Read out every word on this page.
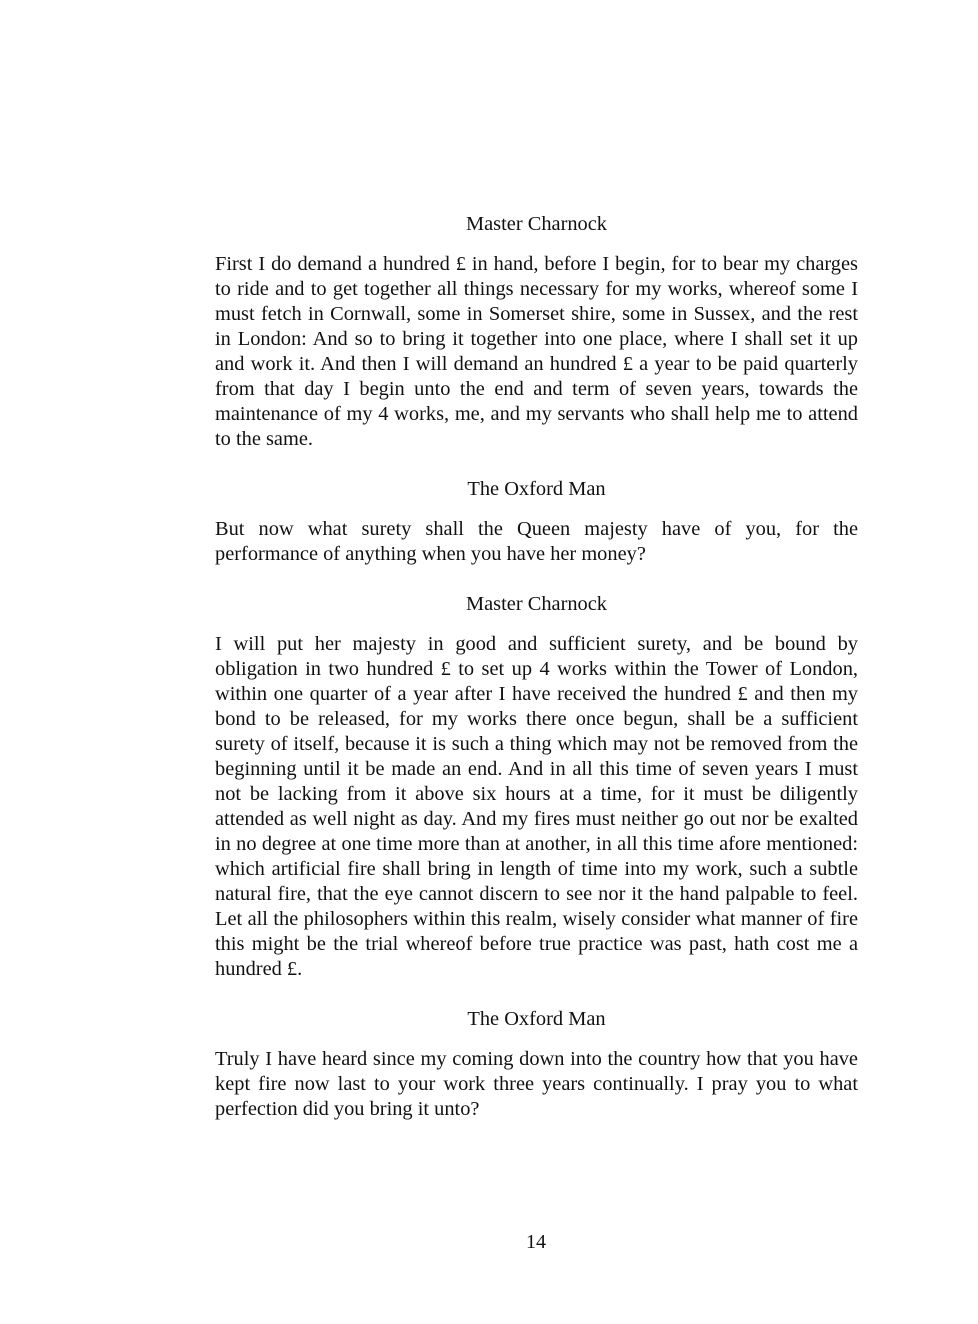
Master Charnock

First I do demand a hundred £ in hand, before I begin, for to bear my charges to ride and to get together all things necessary for my works, whereof some I must fetch in Cornwall, some in Somerset shire, some in Sussex, and the rest in London: And so to bring it together into one place, where I shall set it up and work it. And then I will demand an hundred £ a year to be paid quarterly from that day I begin unto the end and term of seven years, towards the maintenance of my 4 works, me, and my servants who shall help me to attend to the same.

The Oxford Man

But now what surety shall the Queen majesty have of you, for the performance of anything when you have her money?

Master Charnock

I will put her majesty in good and sufficient surety, and be bound by obligation in two hundred £ to set up 4 works within the Tower of London, within one quarter of a year after I have received the hundred £ and then my bond to be released, for my works there once begun, shall be a sufficient surety of itself, because it is such a thing which may not be removed from the beginning until it be made an end. And in all this time of seven years I must not be lacking from it above six hours at a time, for it must be diligently attended as well night as day. And my fires must neither go out nor be exalted in no degree at one time more than at another, in all this time afore mentioned: which artificial fire shall bring in length of time into my work, such a subtle natural fire, that the eye cannot discern to see nor it the hand palpable to feel. Let all the philosophers within this realm, wisely consider what manner of fire this might be the trial whereof before true practice was past, hath cost me a hundred £.

The Oxford Man

Truly I have heard since my coming down into the country how that you have kept fire now last to your work three years continually. I pray you to what perfection did you bring it unto?

14
